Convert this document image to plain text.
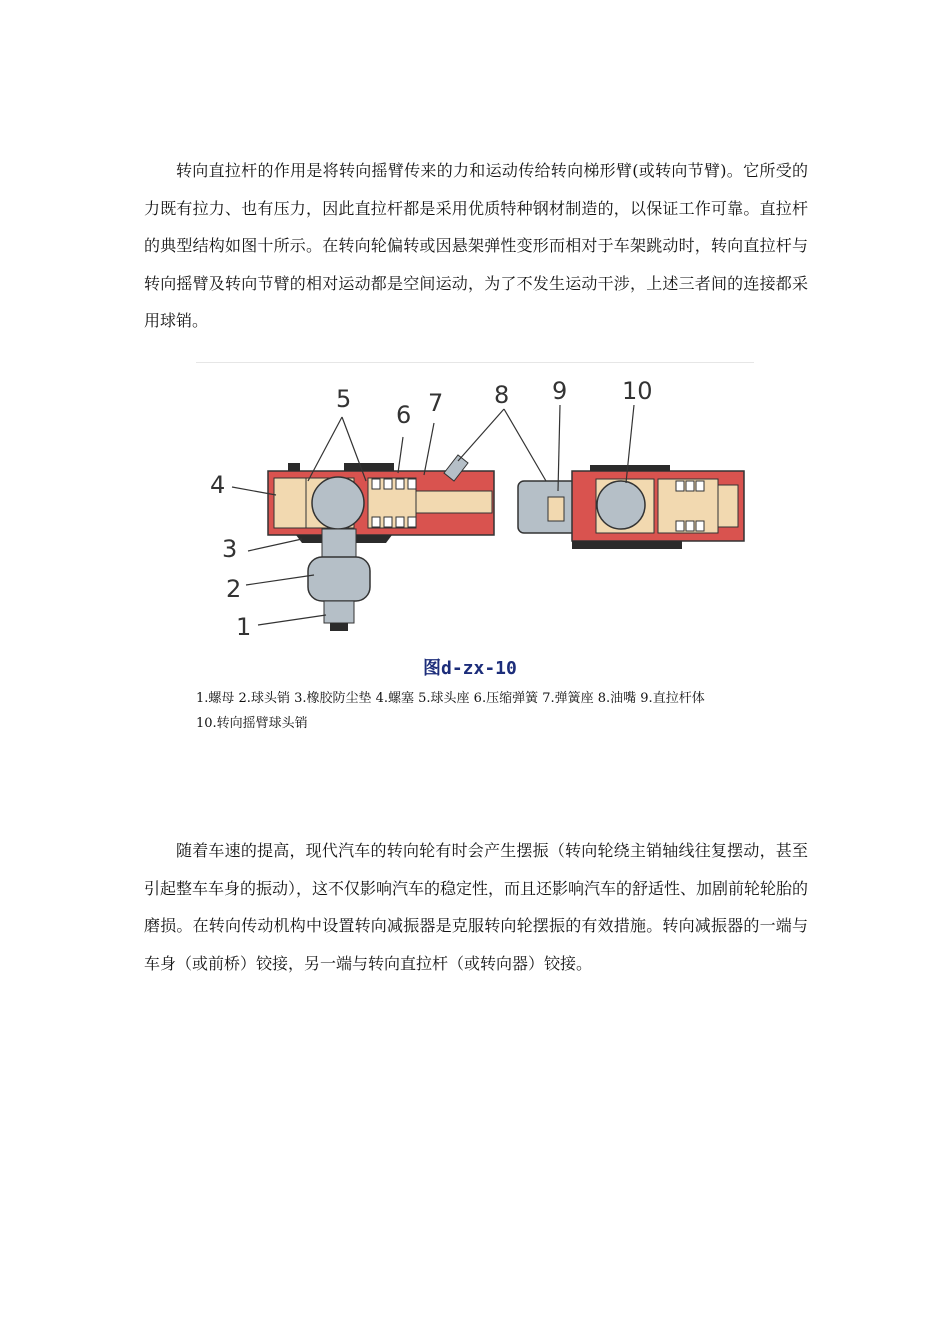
转向直拉杆的作用是将转向摇臂传来的力和运动传给转向梯形臂(或转向节臂)。它所受的力既有拉力、也有压力，因此直拉杆都是采用优质特种钢材制造的，以保证工作可靠。直拉杆的典型结构如图十所示。在转向轮偏转或因悬架弹性变形而相对于车架跳动时，转向直拉杆与转向摇臂及转向节臂的相对运动都是空间运动，为了不发生运动干涉，上述三者间的连接都采用球销。

5
6 7 8 9 10
4
3
2
1
图d-zx-10
1.螺母 2.球头销 3.橡胶防尘垫 4.螺塞 5.球头座 6.压缩弹簧 7.弹簧座 8.油嘴 9.直拉杆体
10.转向摇臂球头销

随着车速的提高，现代汽车的转向轮有时会产生摆振（转向轮绕主销轴线往复摆动，甚至引起整车车身的振动），这不仅影响汽车的稳定性，而且还影响汽车的舒适性、加剧前轮轮胎的磨损。在转向传动机构中设置转向减振器是克服转向轮摆振的有效措施。转向减振器的一端与车身（或前桥）铰接，另一端与转向直拉杆（或转向器）铰接。
